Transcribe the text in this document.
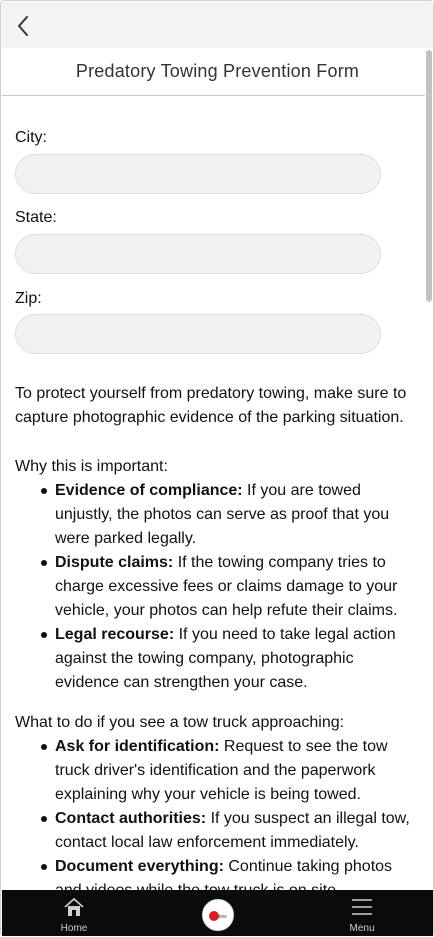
Predatory Towing Prevention Form
City:
State:
Zip:

To protect yourself from predatory towing, make sure to capture photographic evidence of the parking situation.

Why this is important:
Evidence of compliance: If you are towed unjustly, the photos can serve as proof that you were parked legally.
Dispute claims: If the towing company tries to charge excessive fees or claims damage to your vehicle, your photos can help refute their claims.
Legal recourse: If you need to take legal action against the towing company, photographic evidence can strengthen your case.
What to do if you see a tow truck approaching:
Ask for identification: Request to see the tow truck driver's identification and the paperwork explaining why your vehicle is being towed.
Contact authorities: If you suspect an illegal tow, contact local law enforcement immediately.
Document everything: Continue taking photos
Home
tow
Menu
